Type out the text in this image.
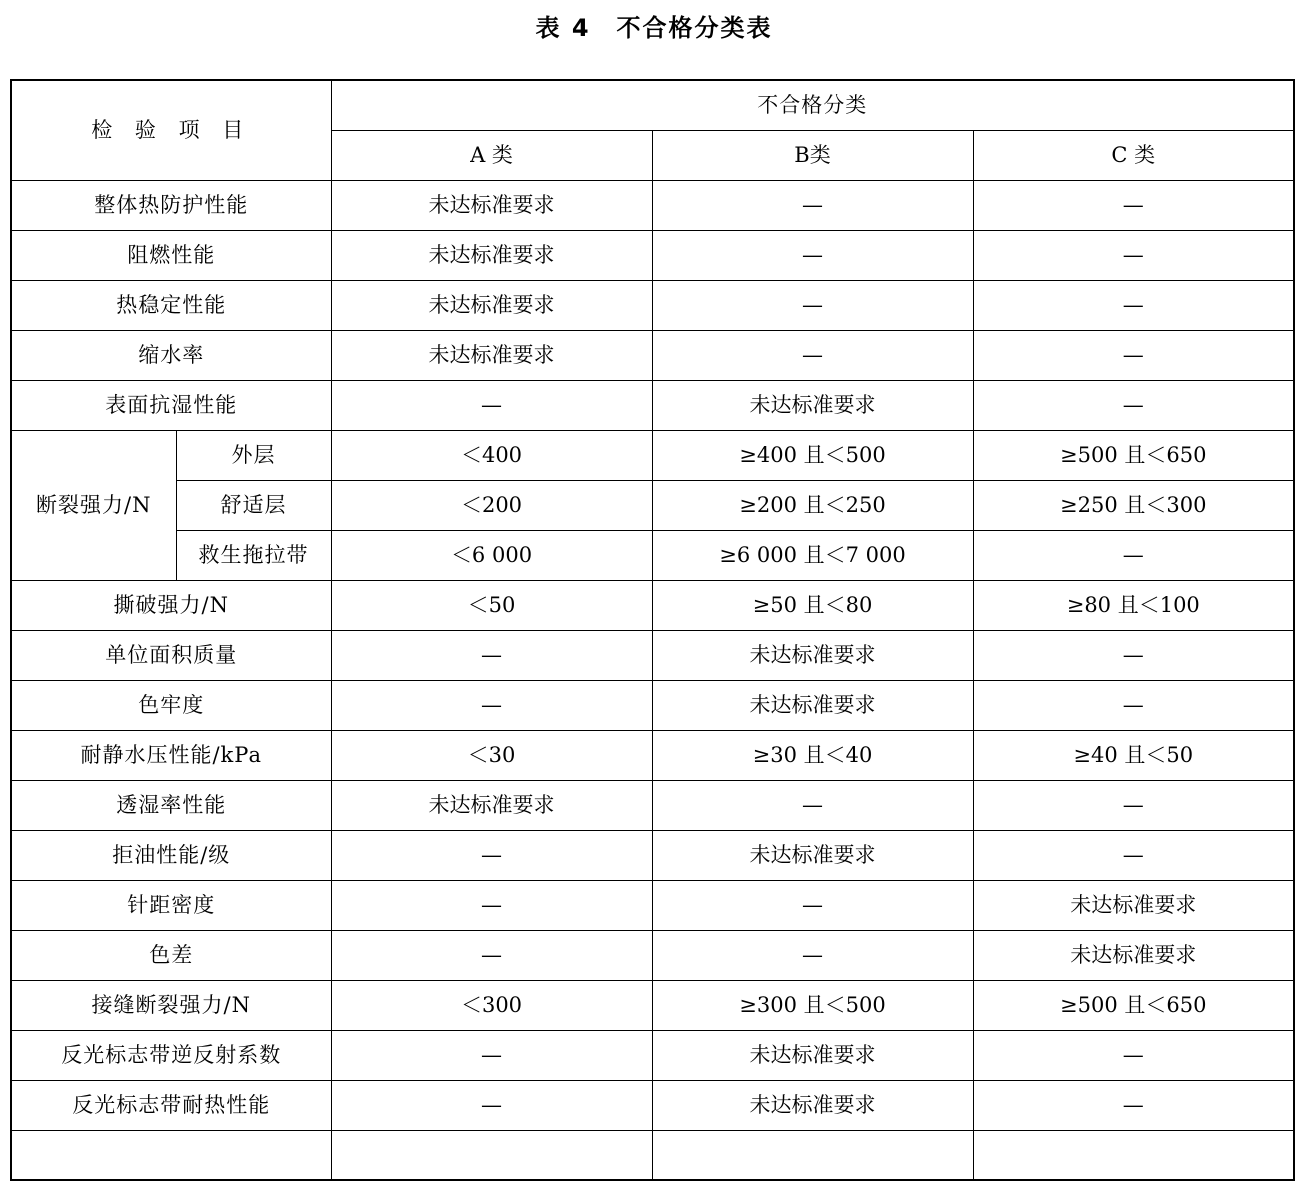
表 4　不合格分类表
检 验 项 目		不合格分类		
		A 类	B类	C 类
整体热防护性能		未达标准要求	—	—
阻燃性能		未达标准要求	—	—
热稳定性能		未达标准要求	—	—
缩水率		未达标准要求	—	—
表面抗湿性能		—	未达标准要求	—
断裂强力/N	外层	＜400	≥400 且＜500	≥500 且＜650
	舒适层	＜200	≥200 且＜250	≥250 且＜300
	救生拖拉带	＜6 000	≥6 000 且＜7 000	—
撕破强力/N		＜50	≥50 且＜80	≥80 且＜100
单位面积质量		—	未达标准要求	—
色牢度		—	未达标准要求	—
耐静水压性能/kPa		＜30	≥30 且＜40	≥40 且＜50
透湿率性能		未达标准要求	—	—
拒油性能/级		—	未达标准要求	—
针距密度		—	—	未达标准要求
色差		—	—	未达标准要求
接缝断裂强力/N		＜300	≥300 且＜500	≥500 且＜650
反光标志带逆反射系数		—	未达标准要求	—
反光标志带耐热性能		—	未达标准要求	—
